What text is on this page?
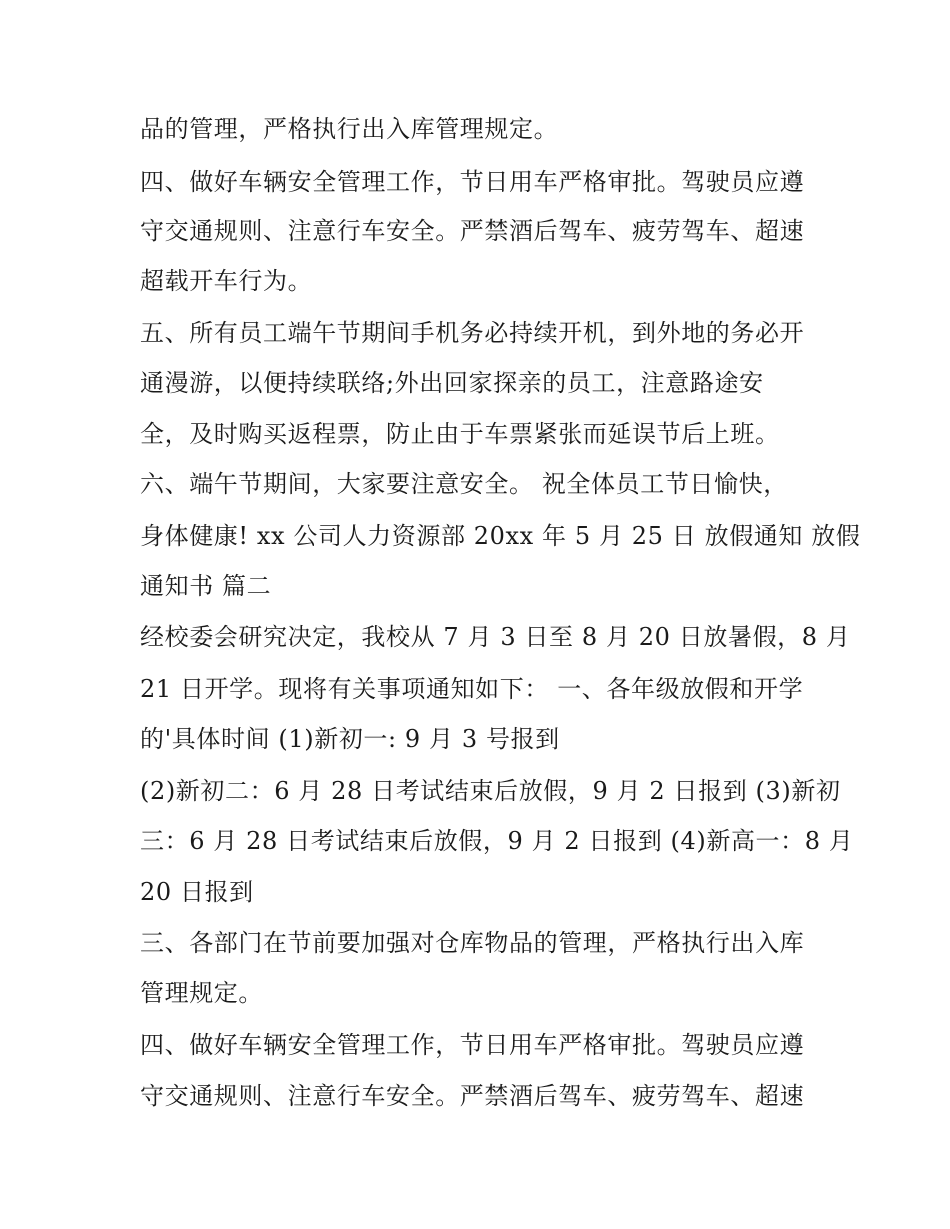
品的管理，严格执行出入库管理规定。
四、做好车辆安全管理工作，节日用车严格审批。驾驶员应遵
守交通规则、注意行车安全。严禁酒后驾车、疲劳驾车、超速
超载开车行为。
五、所有员工端午节期间手机务必持续开机，到外地的务必开
通漫游，以便持续联络;外出回家探亲的员工，注意路途安
全，及时购买返程票，防止由于车票紧张而延误节后上班。
六、端午节期间，大家要注意安全。 祝全体员工节日愉快，
身体健康! xx 公司人力资源部 20xx 年 5 月 25 日 放假通知 放假
通知书 篇二
经校委会研究决定，我校从 7 月 3 日至 8 月 20 日放暑假，8 月
21 日开学。现将有关事项通知如下： 一、各年级放假和开学
的'具体时间 (1)新初一: 9 月 3 号报到
(2)新初二：6 月 28 日考试结束后放假，9 月 2 日报到 (3)新初
三：6 月 28 日考试结束后放假，9 月 2 日报到 (4)新高一：8 月
20 日报到
三、各部门在节前要加强对仓库物品的管理，严格执行出入库
管理规定。
四、做好车辆安全管理工作，节日用车严格审批。驾驶员应遵
守交通规则、注意行车安全。严禁酒后驾车、疲劳驾车、超速
